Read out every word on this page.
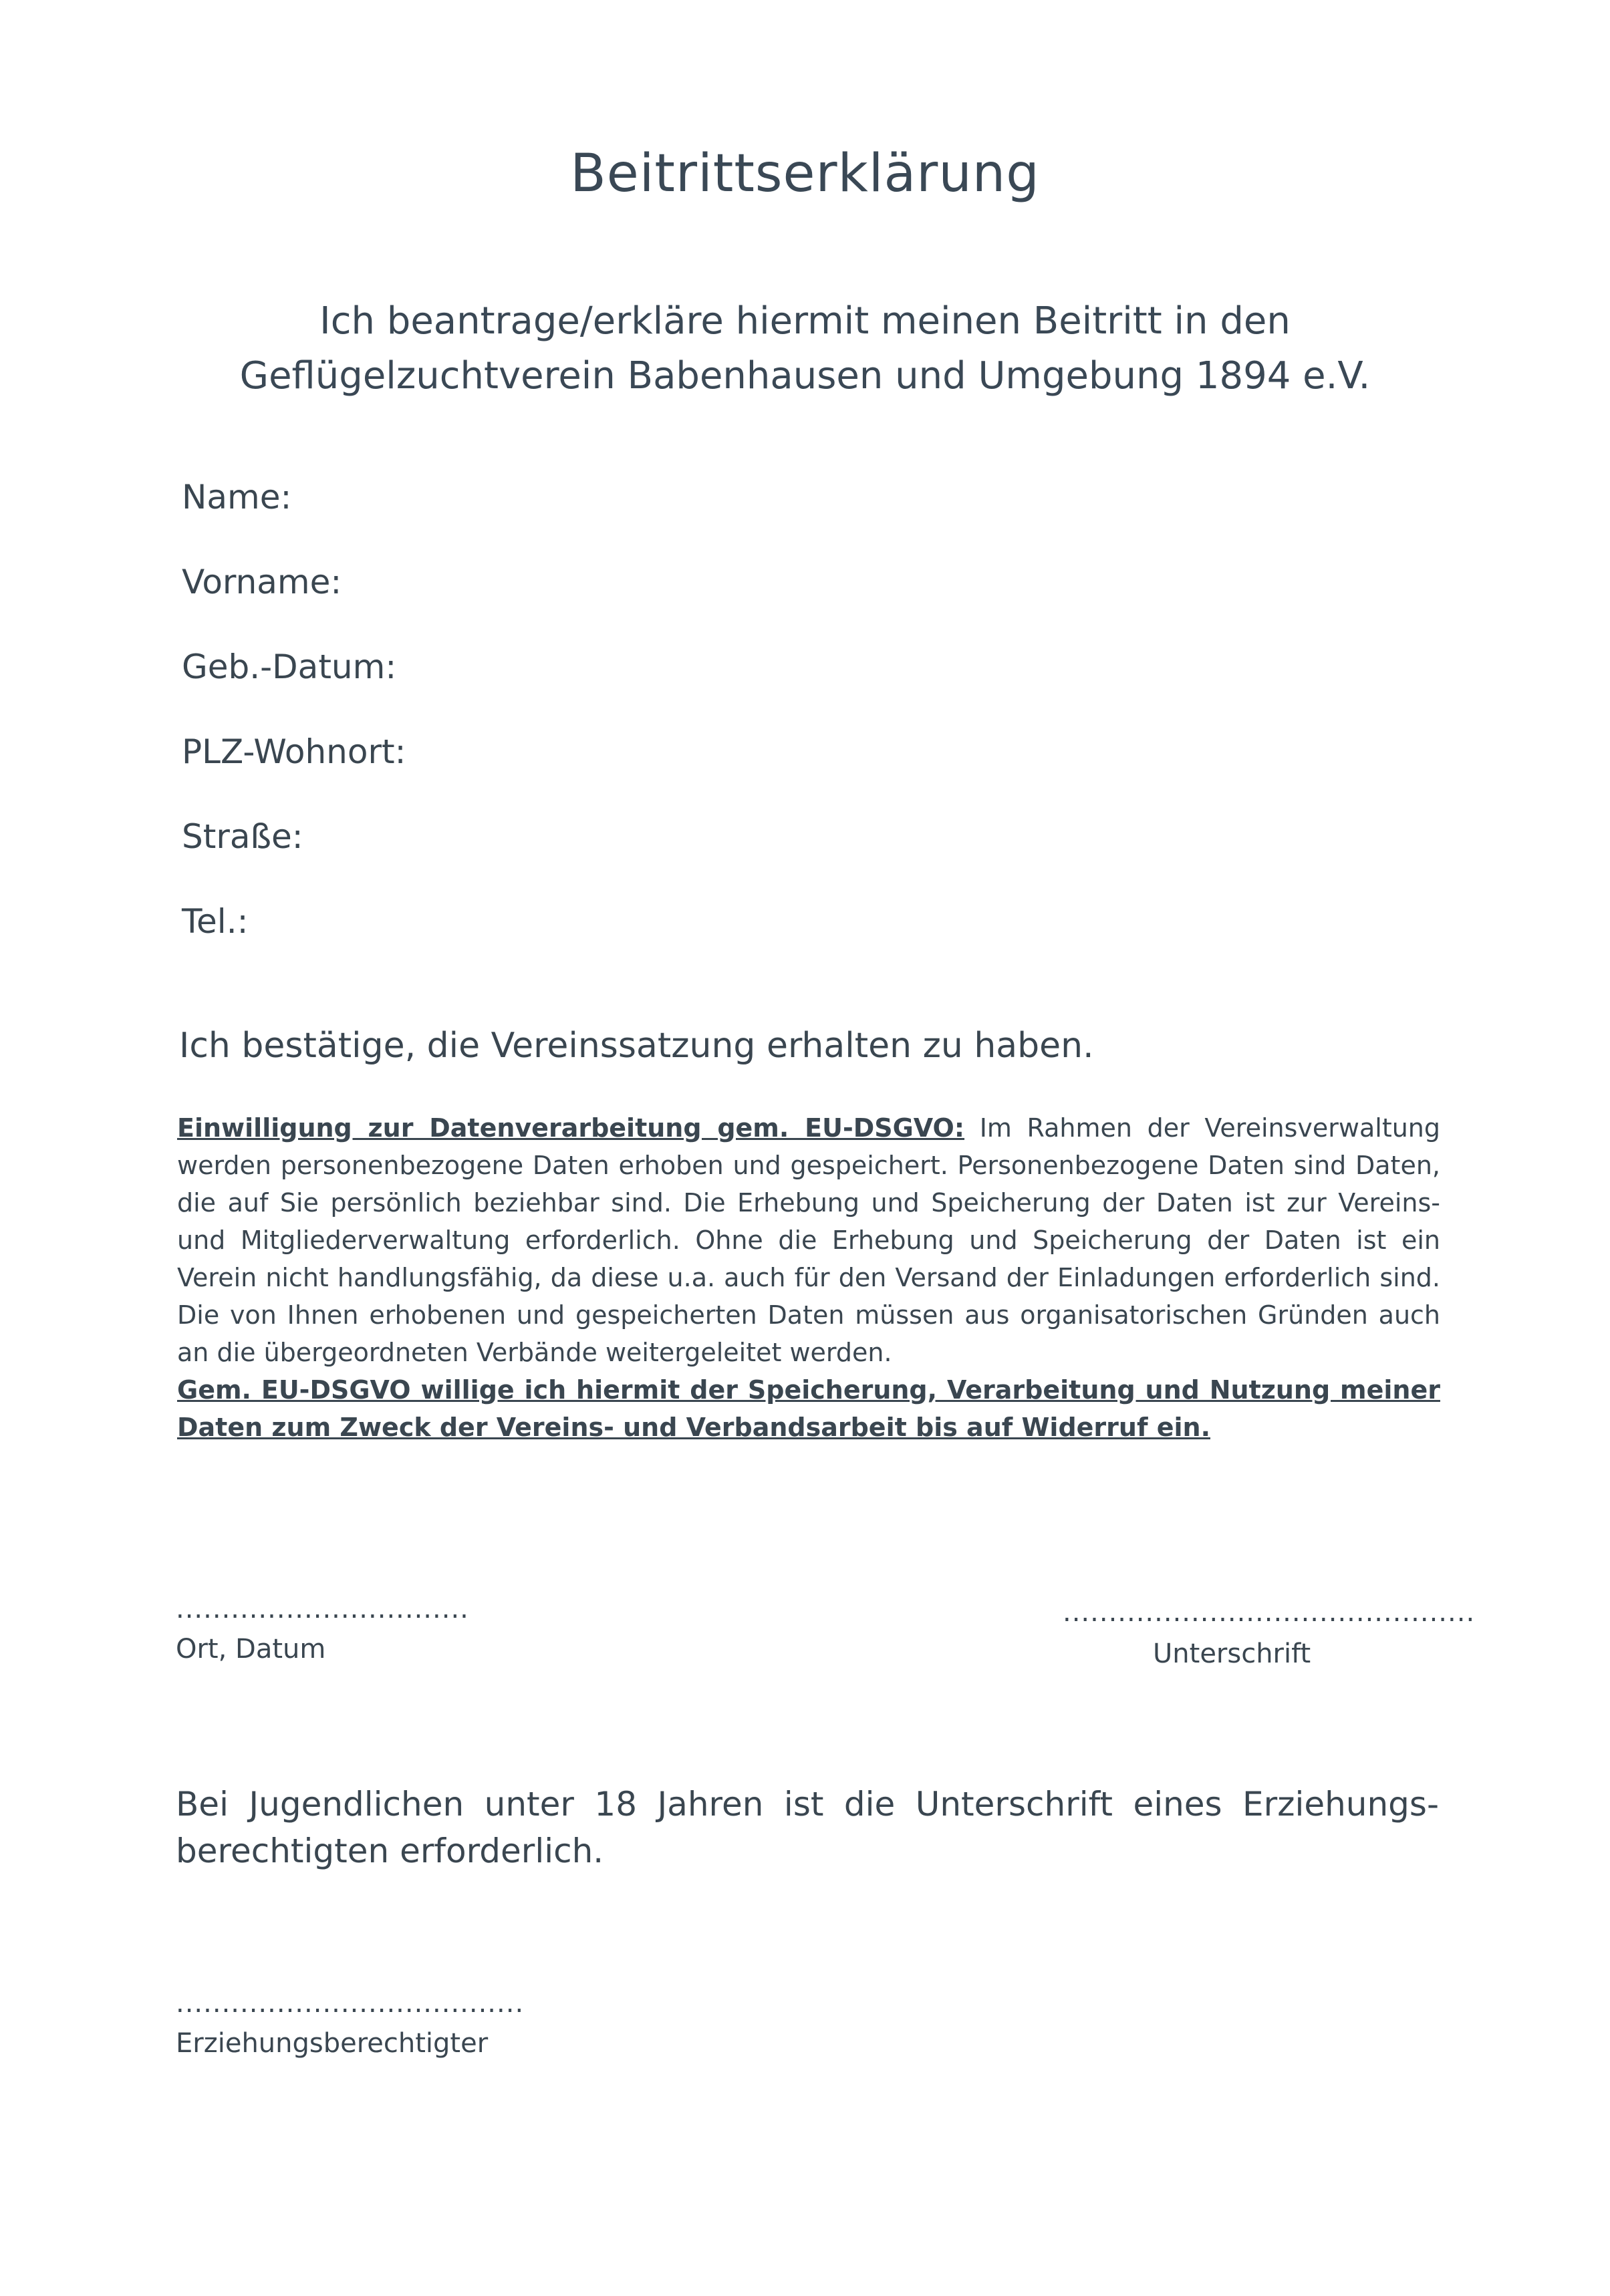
Beitrittserklärung
Ich beantrage/erkläre hiermit meinen Beitritt in den
Geflügelzuchtverein Babenhausen und Umgebung 1894 e.V.
Name:
Vorname:
Geb.-Datum:
PLZ-Wohnort:
Straße:
Tel.:
Ich bestätige, die Vereinssatzung erhalten zu haben.
Einwilligung zur Datenverarbeitung gem. EU-DSGVO: Im Rahmen der Vereinsverwaltung werden personenbezogene Daten erhoben und gespeichert. Personenbezogene Daten sind Daten, die auf Sie persönlich beziehbar sind. Die Erhebung und Speicherung der Daten ist zur Vereins- und Mitgliederverwaltung erforderlich. Ohne die Erhebung und Speicherung der Daten ist ein Verein nicht handlungsfähig, da diese u.a. auch für den Versand der Einladungen erforderlich sind. Die von Ihnen erhobenen und gespeicherten Daten müssen aus organisatorischen Gründen auch an die übergeordneten Verbände weitergeleitet werden.
Gem. EU-DSGVO willige ich hiermit der Speicherung, Verarbeitung und Nutzung meiner Daten zum Zweck der Vereins- und Verbandsarbeit bis auf Widerruf ein.
................................
Ort, Datum
.............................................
Unterschrift
Bei Jugendlichen unter 18 Jahren ist die Unterschrift eines Erziehungs-berechtigten erforderlich.
......................................
Erziehungsberechtigter
